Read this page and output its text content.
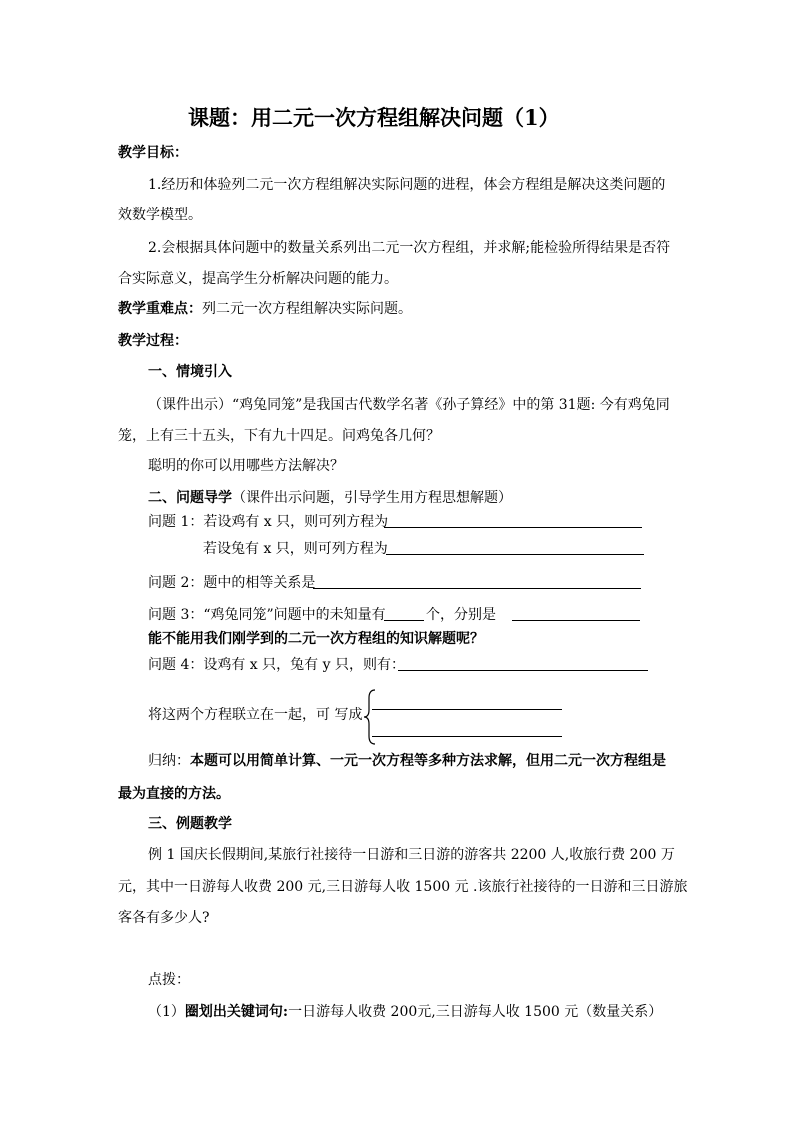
课题：用二元一次方程组解决问题（1）
教学目标：
1.经历和体验列二元一次方程组解决实际问题的进程，体会方程组是解决这类问题的
效数学模型。
2.会根据具体问题中的数量关系列出二元一次方程组，并求解;能检验所得结果是否符
合实际意义，提高学生分析解决问题的能力。
教学重难点：列二元一次方程组解决实际问题。
教学过程：
一、情境引入
（课件出示）“鸡兔同笼”是我国古代数学名著《孙子算经》中的第 31题: 今有鸡兔同
笼，上有三十五头，下有九十四足。问鸡兔各几何？
聪明的你可以用哪些方法解决？
二、问题导学（课件出示问题，引导学生用方程思想解题）
问题 1：若设鸡有 x 只，则可列方程为
若设兔有 x 只，则可列方程为
问题 2：题中的相等关系是
问题 3：“鸡兔同笼”问题中的未知量有	个，分别是
能不能用我们刚学到的二元一次方程组的知识解题呢？
问题 4：设鸡有 x 只，兔有 y 只，则有：
将这两个方程联立在一起，可 写成
归纳：本题可以用简单计算、一元一次方程等多种方法求解，但用二元一次方程组是
最为直接的方法。
三、例题教学
例 1 国庆长假期间,某旅行社接待一日游和三日游的游客共 2200 人,收旅行费 200 万
元，其中一日游每人收费 200 元,三日游每人收 1500 元 .该旅行社接待的一日游和三日游旅
客各有多少人?
点拨：
（1）圈划出关键词句:一日游每人收费 200元,三日游每人收 1500 元（数量关系）
